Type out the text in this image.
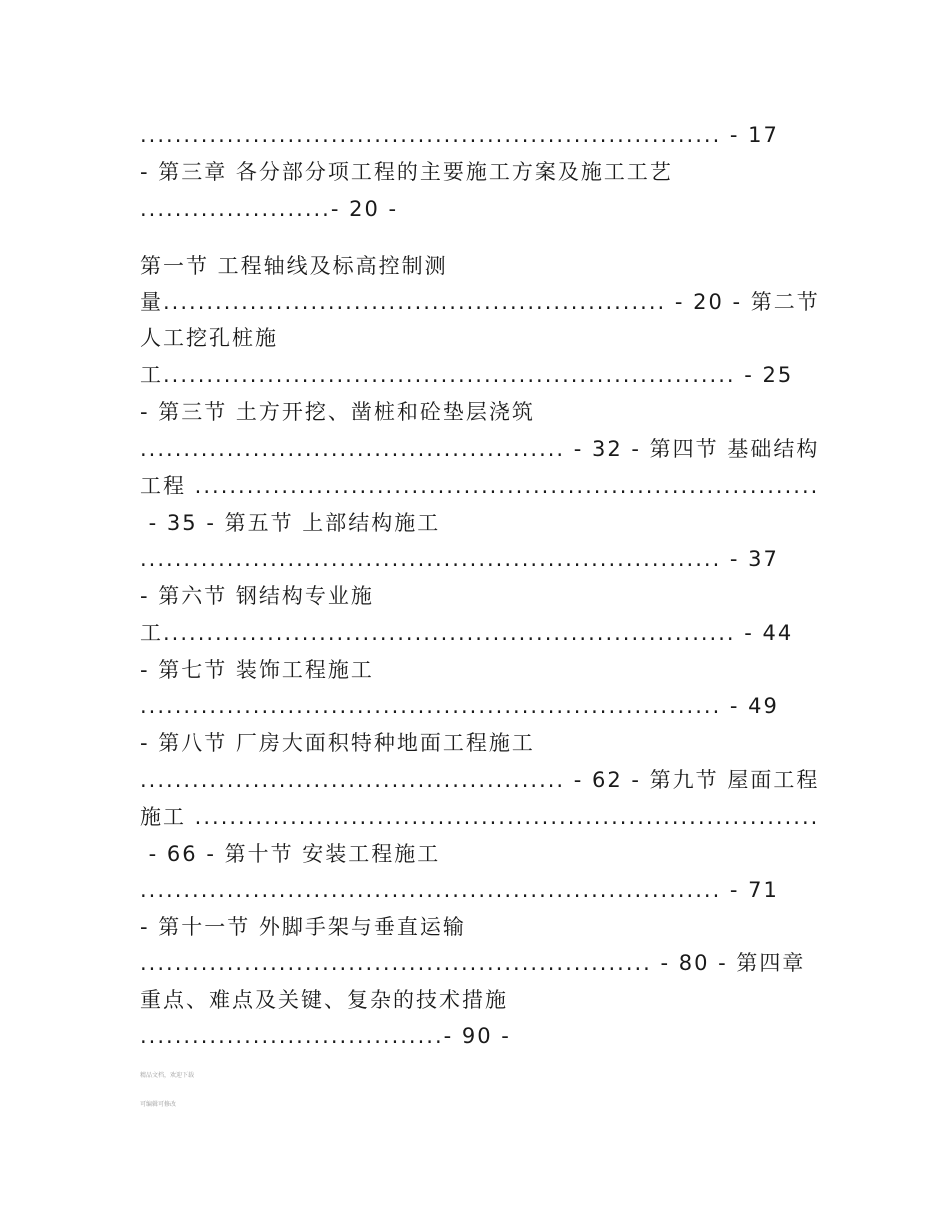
................................................................... - 17
- 第三章 各分部分项工程的主要施工方案及施工工艺
......................- 20 -
第一节 工程轴线及标高控制测
量.......................................................... - 20 - 第二节
人工挖孔桩施
工.................................................................. - 25
- 第三节 土方开挖、凿桩和砼垫层浇筑
................................................. - 32 - 第四节 基础结构
工程 ........................................................................
- 35 - 第五节 上部结构施工
................................................................... - 37
- 第六节 钢结构专业施
工.................................................................. - 44
- 第七节 装饰工程施工
................................................................... - 49
- 第八节 厂房大面积特种地面工程施工
................................................. - 62 - 第九节 屋面工程
施工 ........................................................................
- 66 - 第十节 安装工程施工
................................................................... - 71
- 第十一节 外脚手架与垂直运输
........................................................... - 80 - 第四章
重点、难点及关键、复杂的技术措施
...................................- 90 -
精品文档，欢迎下载
可编辑可修改
